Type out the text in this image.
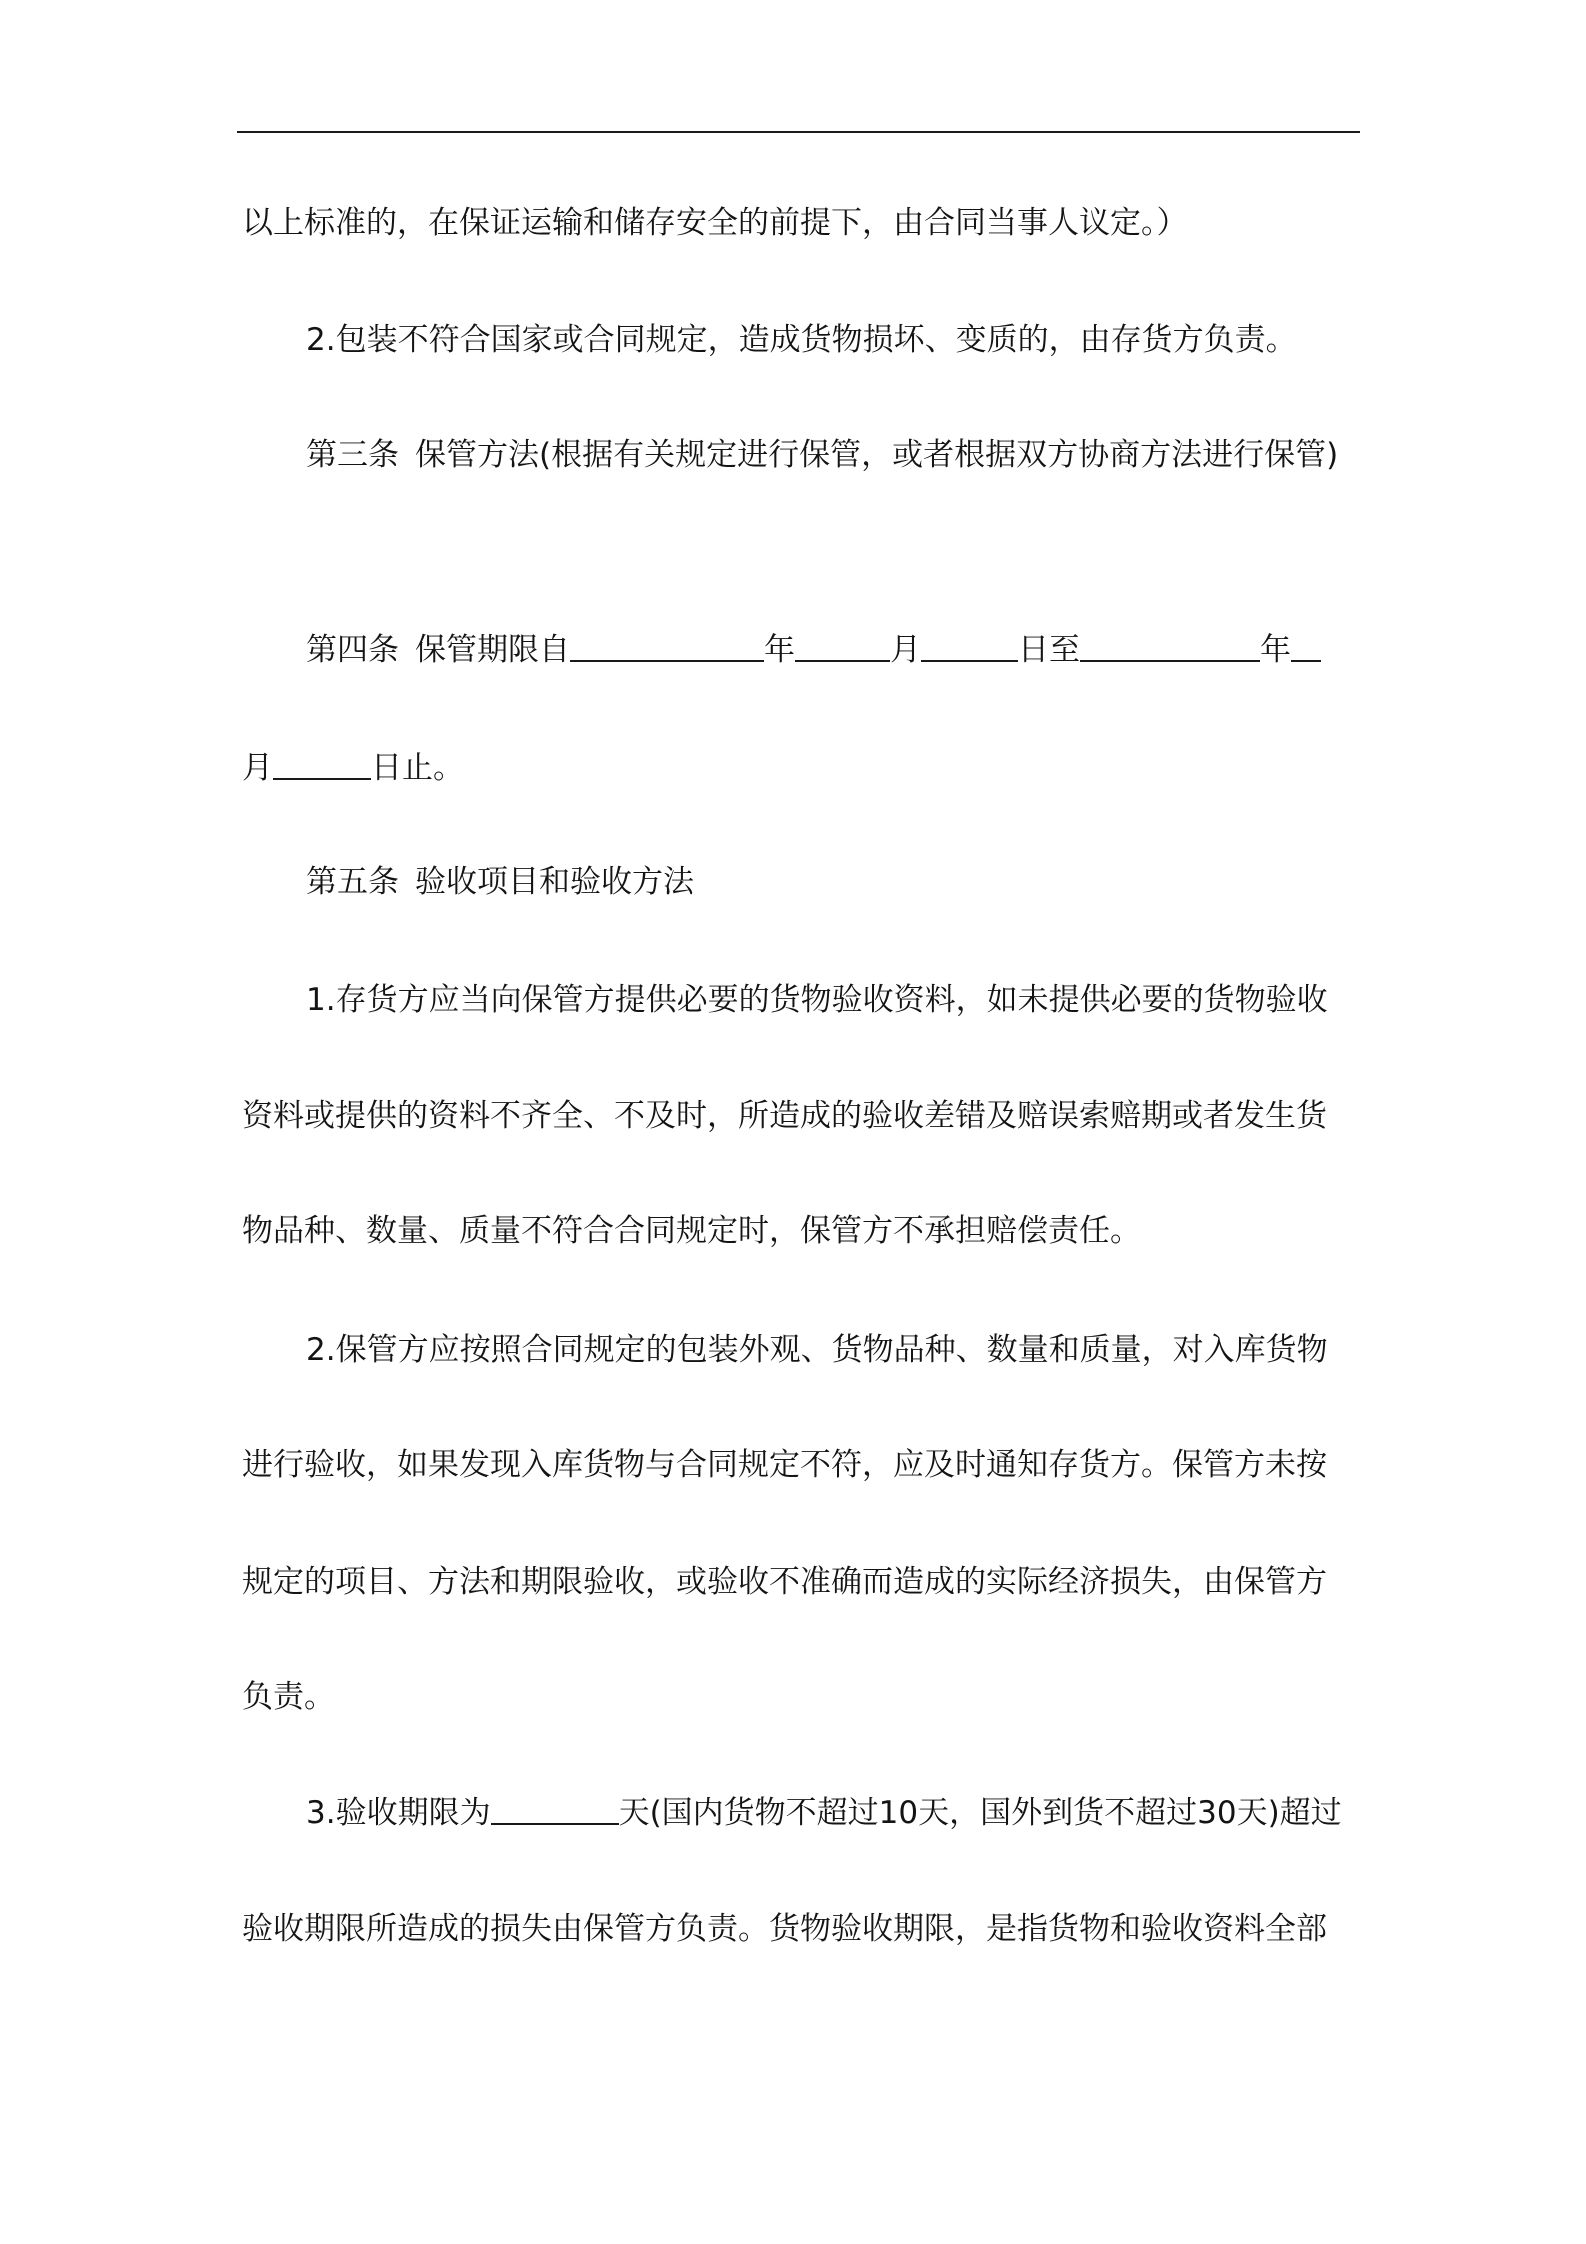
以上标准的，在保证运输和储存安全的前提下，由合同当事人议定。）
2.包装不符合国家或合同规定，造成货物损坏、变质的，由存货方负责。
第三条 保管方法(根据有关规定进行保管，或者根据双方协商方法进行保管)
第四条 保管期限自	年	月	日至	年
月	日止。
第五条 验收项目和验收方法
1.存货方应当向保管方提供必要的货物验收资料，如未提供必要的货物验收
资料或提供的资料不齐全、不及时，所造成的验收差错及赔误索赔期或者发生货
物品种、数量、质量不符合合同规定时，保管方不承担赔偿责任。
2.保管方应按照合同规定的包装外观、货物品种、数量和质量，对入库货物
进行验收，如果发现入库货物与合同规定不符，应及时通知存货方。保管方未按
规定的项目、方法和期限验收，或验收不准确而造成的实际经济损失，由保管方
负责。
3.验收期限为	天(国内货物不超过10天，国外到货不超过30天)超过
验收期限所造成的损失由保管方负责。货物验收期限，是指货物和验收资料全部
